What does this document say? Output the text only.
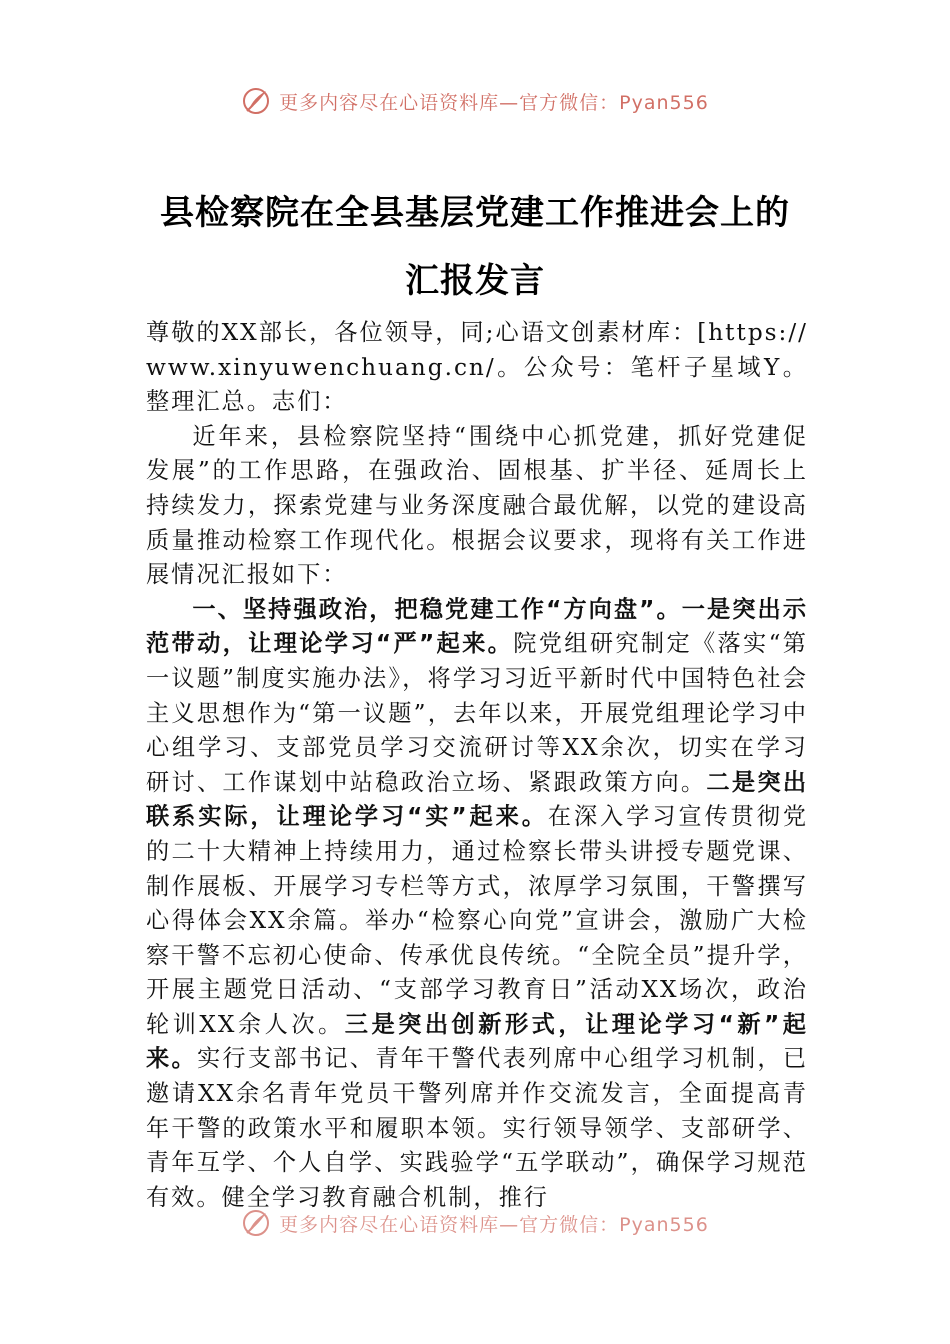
更多内容尽在心语资料库—官方微信：Pyan556
县检察院在全县基层党建工作推进会上的
汇报发言

尊敬的XX部长，各位领导，同;心语文创素材库：[https://www.xinyuwenchuang.cn/。公众号：笔杆子星域Y。整理汇总。志们：

近年来，县检察院坚持“围绕中心抓党建，抓好党建促发展”的工作思路，在强政治、固根基、扩半径、延周长上持续发力，探索党建与业务深度融合最优解，以党的建设高质量推动检察工作现代化。根据会议要求，现将有关工作进展情况汇报如下：

一、坚持强政治，把稳党建工作“方向盘”。一是突出示范带动，让理论学习“严”起来。院党组研究制定《落实“第一议题”制度实施办法》，将学习习近平新时代中国特色社会主义思想作为“第一议题”，去年以来，开展党组理论学习中心组学习、支部党员学习交流研讨等XX余次，切实在学习研讨、工作谋划中站稳政治立场、紧跟政策方向。二是突出联系实际，让理论学习“实”起来。在深入学习宣传贯彻党的二十大精神上持续用力，通过检察长带头讲授专题党课、制作展板、开展学习专栏等方式，浓厚学习氛围，干警撰写心得体会XX余篇。举办“检察心向党”宣讲会，激励广大检察干警不忘初心使命、传承优良传统。“全院全员”提升学，开展主题党日活动、“支部学习教育日”活动XX场次，政治轮训XX余人次。三是突出创新形式，让理论学习“新”起来。实行支部书记、青年干警代表列席中心组学习机制，已邀请XX余名青年党员干警列席并作交流发言，全面提高青年干警的政策水平和履职本领。实行领导领学、支部研学、青年互学、个人自学、实践验学“五学联动”，确保学习规范有效。健全学习教育融合机制，推行

更多内容尽在心语资料库—官方微信：Pyan556
